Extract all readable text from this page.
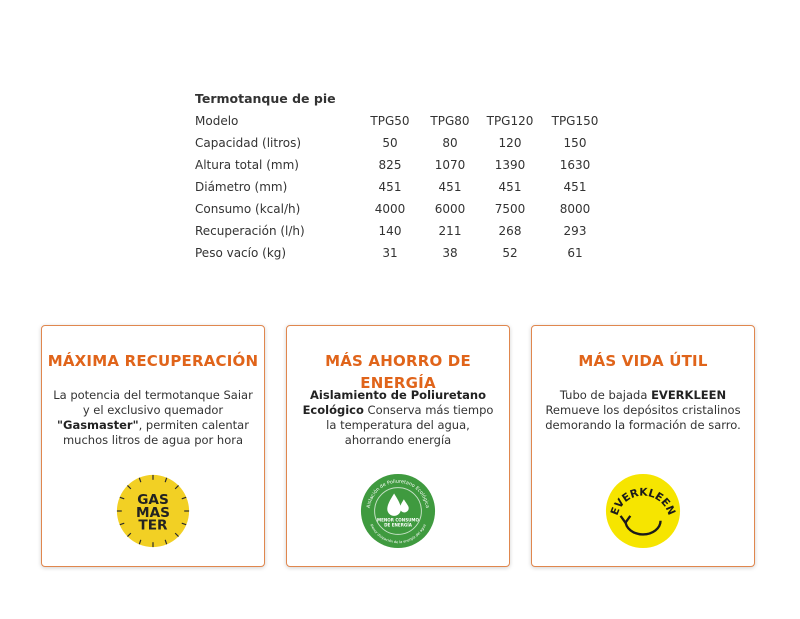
Termotanque de pie
Modelo	TPG50	TPG80	TPG120	TPG150
Capacidad (litros)	50	80	120	150
Altura total (mm)	825	1070	1390	1630
Diámetro (mm)	451	451	451	451
Consumo (kcal/h)	4000	6000	7500	8000
Recuperación (l/h)	140	211	268	293
Peso vacío (kg)	31	38	52	61
MÁXIMA RECUPERACIÓN
La potencia del termotanque Saiar y el exclusivo quemador "Gasmaster", permiten calentar muchos litros de agua por hora
GAS
MAS
TER
MÁS AHORRO DE ENERGÍA
Aislamiento de Poliuretano Ecológico Conserva más tiempo la temperatura del agua, ahorrando energía
Aislación de Poliuretano Ecológica
Menor disipación de la energía del agua
MENOR CONSUMO
DE ENERGÍA
MÁS VIDA ÚTIL
Tubo de bajada EVERKLEEN Remueve los depósitos cristalinos demorando la formación de sarro.
EVERKLEEN
